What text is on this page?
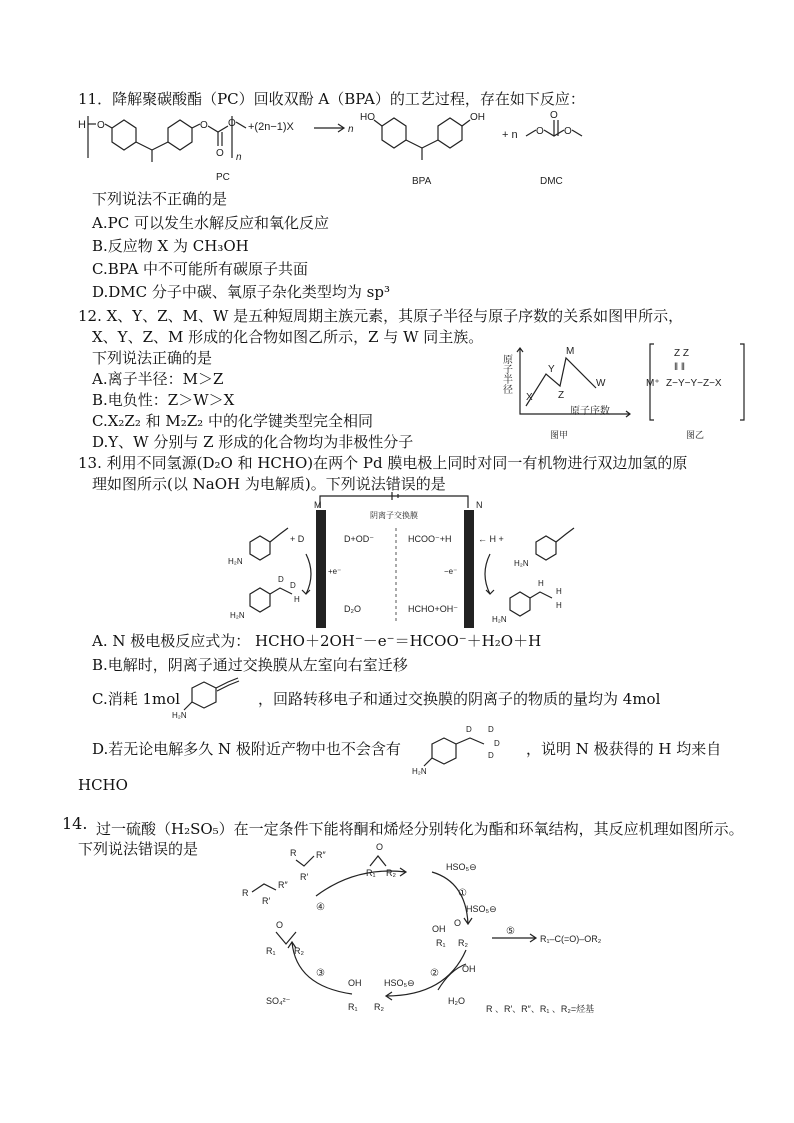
11．降解聚碳酸酯（PC）回收双酚 A（BPA）的工艺过程，存在如下反应：
H O	O
O
O
n
+(2n−1)X	n
HO	OH
+ n O
O
O
PC	BPA	DMC
下列说法不正确的是
A.PC 可以发生水解反应和氧化反应
B.反应物 X 为 CH₃OH
C.BPA 中不可能所有碳原子共面
D.DMC 分子中碳、氧原子杂化类型均为 sp³
12. X、Y、Z、M、W 是五种短周期主族元素，其原子半径与原子序数的关系如图甲所示，
X、Y、Z、M 形成的化合物如图乙所示，Z 与 W 同主族。
下列说法正确的是
A.离子半径：M＞Z
B.电负性：Z＞W＞X
C.X₂Z₂ 和 M₂Z₂ 中的化学键类型完全相同
D.Y、W 分别与 Z 形成的化合物均为非极性分子
原子半径
X
Y
Z
M
W
原子序数
图甲
Z Z
‖ ‖
M⁺ Z−Y−Y−Z−X
图乙
13. 利用不同氢源(D₂O 和 HCHO)在两个 Pd 膜电极上同时对同一有机物进行双边加氢的原
理如图所示(以 NaOH 为电解质)。下列说法错误的是
M	N
阴离子交换膜
+ D	D+OD⁻
D₂O
+e⁻
HCOO⁻+H	← H +
HCHO+OH⁻
−e⁻
H₂N
D
D
H
H₂N
H₂N
H
H
H
H₂N
A. N 极电极反应式为： HCHO＋2OH⁻－e⁻＝HCOO⁻＋H₂O＋H
B.电解时，阴离子通过交换膜从左室向右室迁移
C.消耗 1mol
H₂N
，回路转移电子和通过交换膜的阴离子的物质的量均为 4mol
D.若无论电解多久 N 极附近产物中也不会含有
D D
D
D
H₂N
，说明 N 极获得的 H 均来自
HCHO
14. 过一硫酸（H₂SO₅）在一定条件下能将酮和烯烃分别转化为酯和环氧结构，其反应机理如图所示。
下列说法错误的是	R
R′
R″
R
R″
R′
④
O
R₁ R₂
HSO₅⊖
①
OH
O
HSO₅⊖
R₁ R₂
⑤
R₁–C(=O)–OR₂
②	OH
H₂O
OH	HSO₅⊖
R₁ R₂
③
SO₄²⁻
O
R₁ R₂
R 、R′、R″、R₁ 、R₂=烃基
